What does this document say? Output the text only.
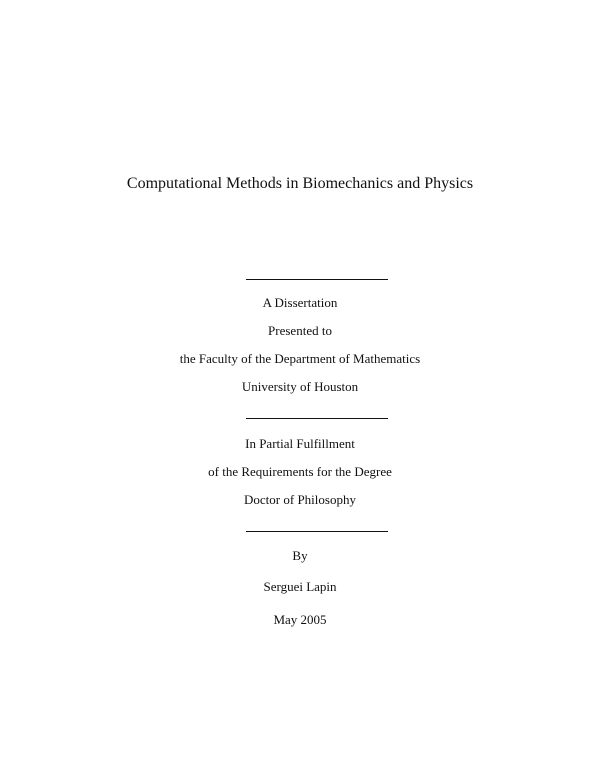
Computational Methods in Biomechanics and Physics
A Dissertation
Presented to
the Faculty of the Department of Mathematics
University of Houston
In Partial Fulfillment
of the Requirements for the Degree
Doctor of Philosophy
By
Serguei Lapin
May 2005
